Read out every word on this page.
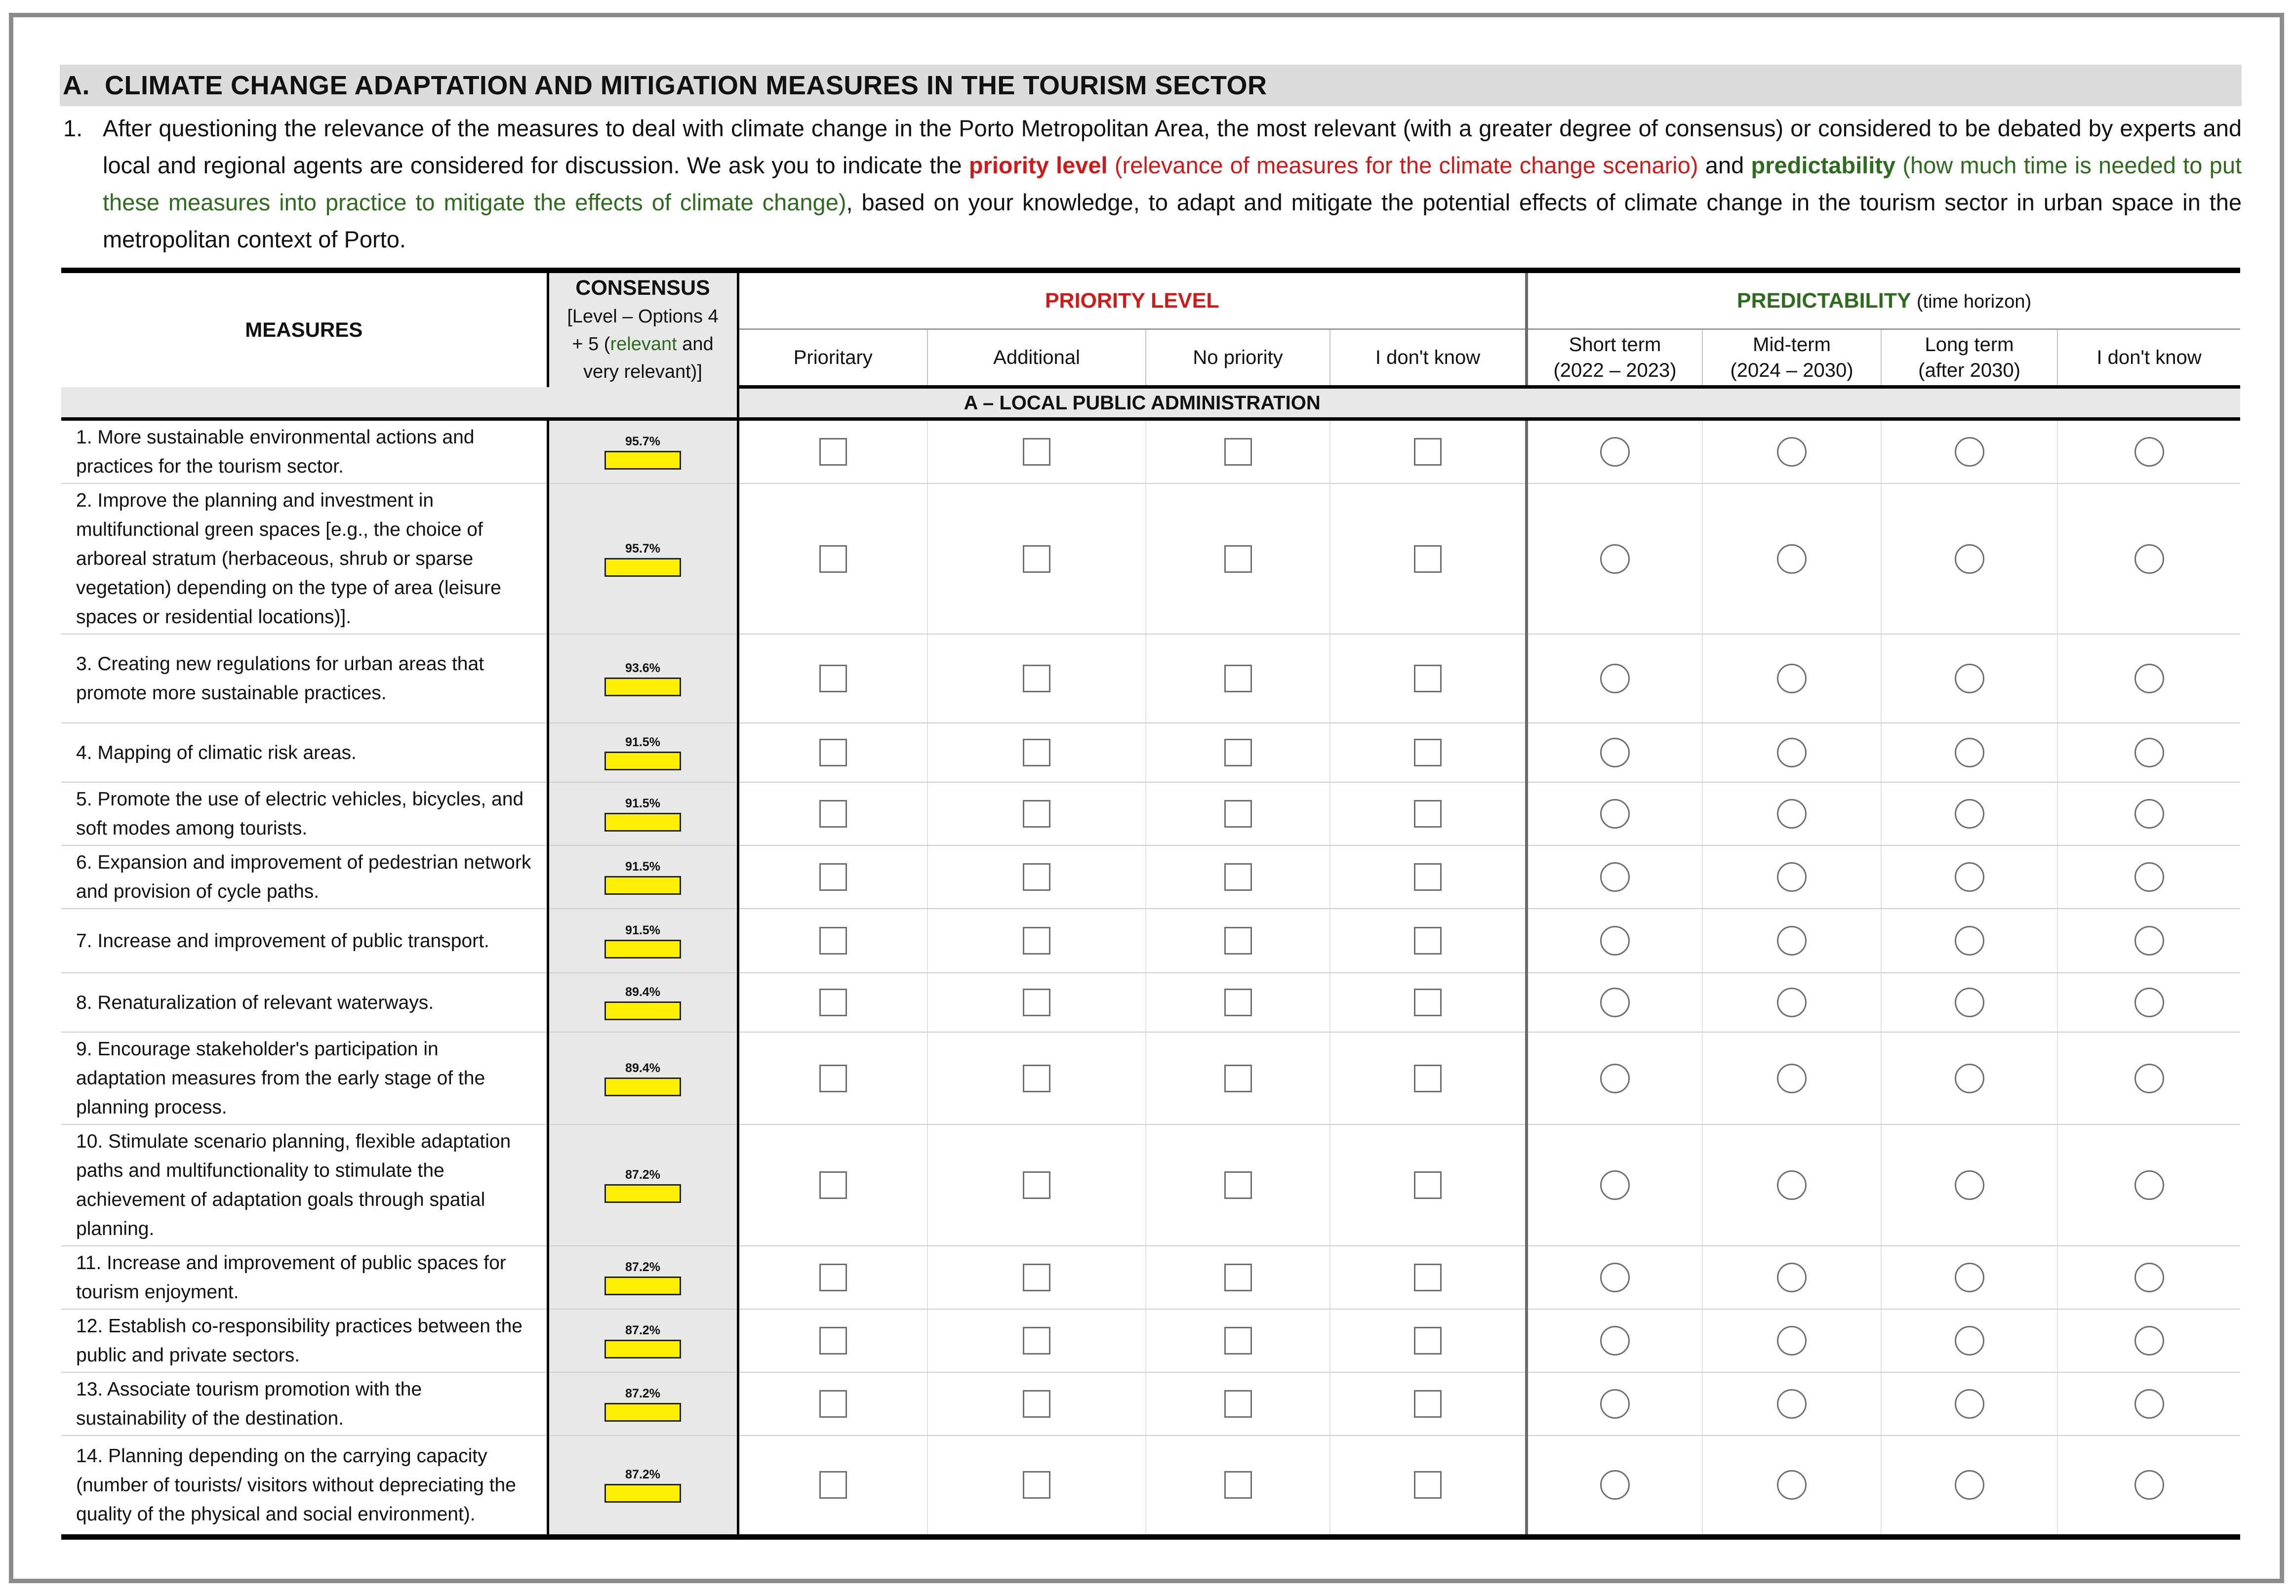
A. CLIMATE CHANGE ADAPTATION AND MITIGATION MEASURES IN THE TOURISM SECTOR
1. After questioning the relevance of the measures to deal with climate change in the Porto Metropolitan Area, the most relevant (with a greater degree of consensus) or considered to be debated by experts and local and regional agents are considered for discussion. We ask you to indicate the priority level (relevance of measures for the climate change scenario) and predictability (how much time is needed to put these measures into practice to mitigate the effects of climate change), based on your knowledge, to adapt and mitigate the potential effects of climate change in the tourism sector in urban space in the metropolitan context of Porto.
MEASURES	CONSENSUS
[Level – Options 4
+ 5 (relevant and
very relevant)]	PRIORITY LEVEL				PREDICTABILITY (time horizon)			
		Prioritary	Additional	No priority	I don't know	Short term
(2022 – 2023)	Mid-term
(2024 – 2030)	Long term
(after 2030)	I don't know
		A – LOCAL PUBLIC ADMINISTRATION							
1. More sustainable environmental actions and practices for the tourism sector.	95.7%								

2. Improve the planning and investment in multifunctional green spaces [e.g., the choice of arboreal stratum (herbaceous, shrub or sparse vegetation) depending on the type of area (leisure spaces or residential locations)].	95.7%								

3. Creating new regulations for urban areas that promote more sustainable practices.	93.6%								

4. Mapping of climatic risk areas.	91.5%								

5. Promote the use of electric vehicles, bicycles, and soft modes among tourists.	91.5%								

6. Expansion and improvement of pedestrian network and provision of cycle paths.	91.5%								

7. Increase and improvement of public transport.	91.5%								

8. Renaturalization of relevant waterways.	89.4%								

9. Encourage stakeholder's participation in adaptation measures from the early stage of the planning process.	89.4%								

10. Stimulate scenario planning, flexible adaptation paths and multifunctionality to stimulate the achievement of adaptation goals through spatial planning.	87.2%								

11. Increase and improvement of public spaces for tourism enjoyment.	87.2%								

12. Establish co-responsibility practices between the public and private sectors.	87.2%								

13. Associate tourism promotion with the sustainability of the destination.	87.2%								

14. Planning depending on the carrying capacity (number of tourists/ visitors without depreciating the quality of the physical and social environment).	87.2%								
